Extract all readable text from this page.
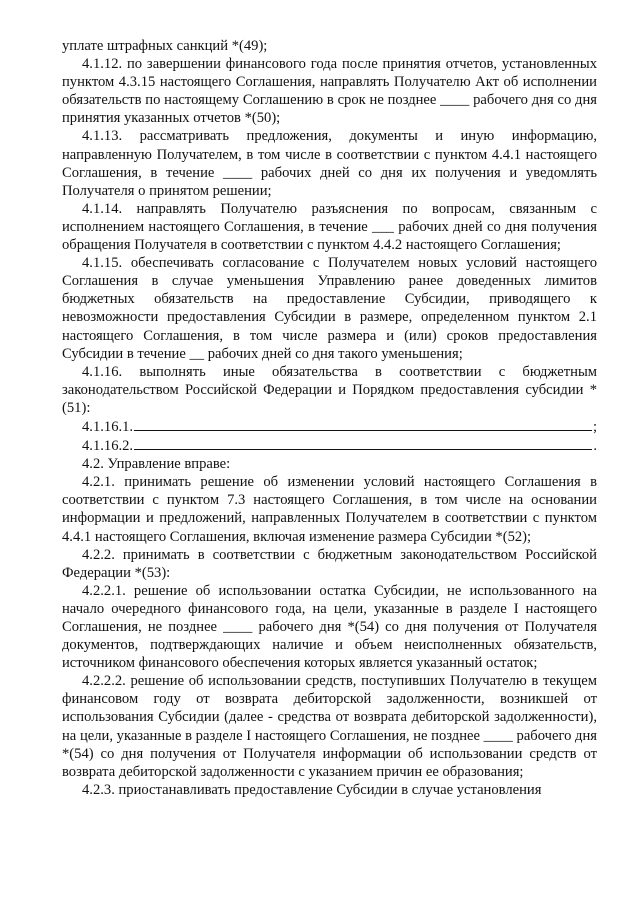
уплате штрафных санкций *(49);

4.1.12. по завершении финансового года после принятия отчетов, установленных пунктом 4.3.15 настоящего Соглашения, направлять Получателю Акт об исполнении обязательств по настоящему Соглашению в срок не позднее ____ рабочего дня со дня принятия указанных отчетов *(50);

4.1.13. рассматривать предложения, документы и иную информацию, направленную Получателем, в том числе в соответствии с пунктом 4.4.1 настоящего Соглашения, в течение ____ рабочих дней со дня их получения и уведомлять Получателя о принятом решении;

4.1.14. направлять Получателю разъяснения по вопросам, связанным с исполнением настоящего Соглашения, в течение ___ рабочих дней со дня получения обращения Получателя в соответствии с пунктом 4.4.2 настоящего Соглашения;

4.1.15. обеспечивать согласование с Получателем новых условий настоящего Соглашения в случае уменьшения Управлению ранее доведенных лимитов бюджетных обязательств на предоставление Субсидии, приводящего к невозможности предоставления Субсидии в размере, определенном пунктом 2.1 настоящего Соглашения, в том числе размера и (или) сроков предоставления Субсидии в течение __ рабочих дней со дня такого уменьшения;

4.1.16. выполнять иные обязательства в соответствии с бюджетным законодательством Российской Федерации и Порядком предоставления субсидии *(51):

4.1.16.1.	;
4.1.16.2.	.

4.2. Управление вправе:

4.2.1. принимать решение об изменении условий настоящего Соглашения в соответствии с пунктом 7.3 настоящего Соглашения, в том числе на основании информации и предложений, направленных Получателем в соответствии с пунктом 4.4.1 настоящего Соглашения, включая изменение размера Субсидии *(52);

4.2.2. принимать в соответствии с бюджетным законодательством Российской Федерации *(53):

4.2.2.1. решение об использовании остатка Субсидии, не использованного на начало очередного финансового года, на цели, указанные в разделе I настоящего Соглашения, не позднее ____ рабочего дня *(54) со дня получения от Получателя документов, подтверждающих наличие и объем неисполненных обязательств, источником финансового обеспечения которых является указанный остаток;

4.2.2.2. решение об использовании средств, поступивших Получателю в текущем финансовом году от возврата дебиторской задолженности, возникшей от использования Субсидии (далее - средства от возврата дебиторской задолженности), на цели, указанные в разделе I настоящего Соглашения, не позднее ____ рабочего дня *(54) со дня получения от Получателя информации об использовании средств от возврата дебиторской задолженности с указанием причин ее образования;

4.2.3. приостанавливать предоставление Субсидии в случае установления
